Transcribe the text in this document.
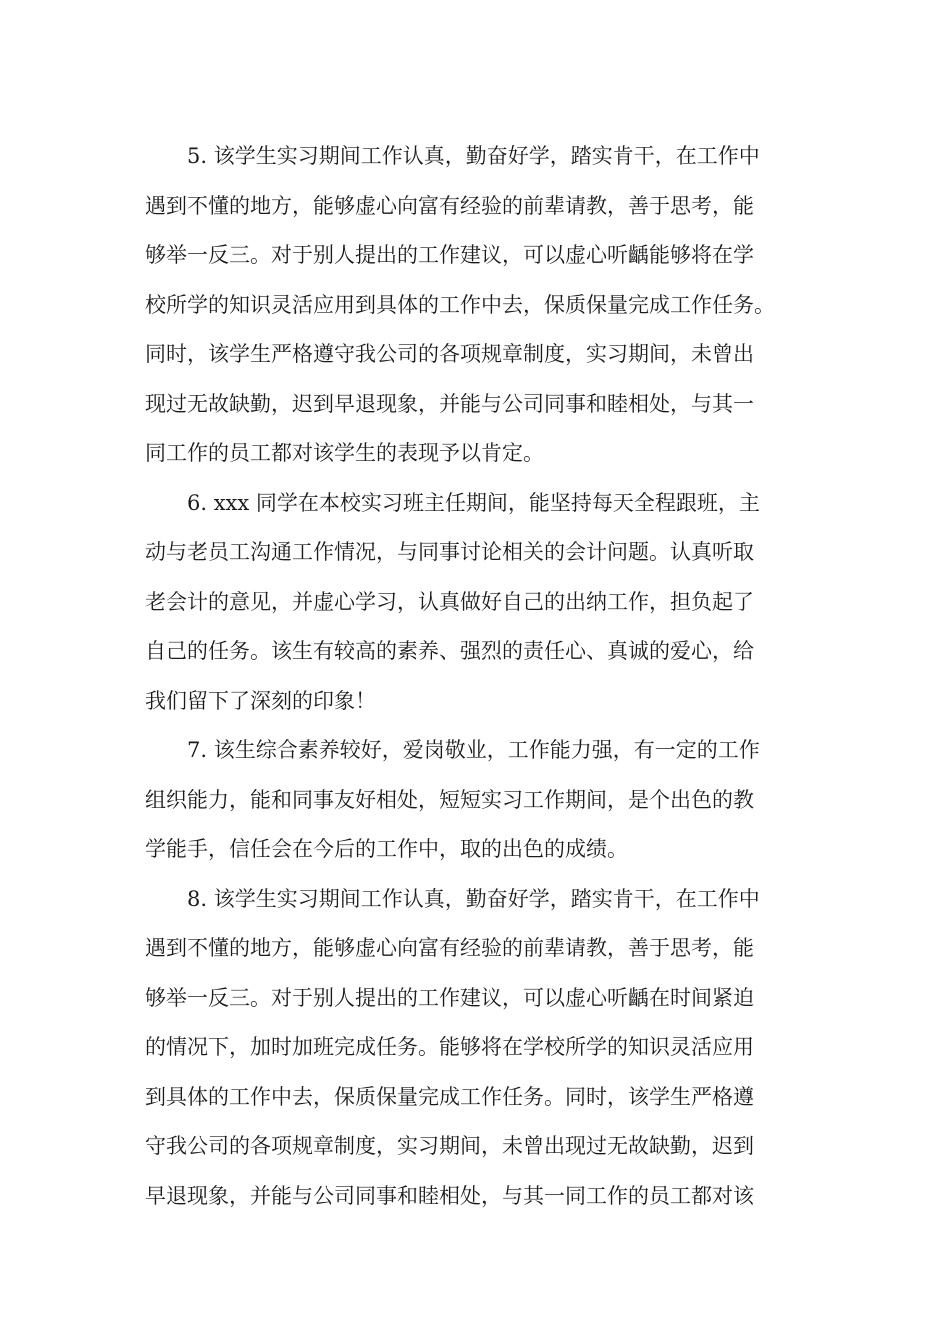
5. 该学生实习期间工作认真，勤奋好学，踏实肯干，在工作中
遇到不懂的地方，能够虚心向富有经验的前辈请教，善于思考，能
够举一反三。对于别人提出的工作建议，可以虚心听齲能够将在学
校所学的知识灵活应用到具体的工作中去，保质保量完成工作任务。
同时，该学生严格遵守我公司的各项规章制度，实习期间，未曾出
现过无故缺勤，迟到早退现象，并能与公司同事和睦相处，与其一
同工作的员工都对该学生的表现予以肯定。
6. xxx 同学在本校实习班主任期间，能坚持每天全程跟班，主
动与老员工沟通工作情况，与同事讨论相关的会计问题。认真听取
老会计的意见，并虚心学习，认真做好自己的出纳工作，担负起了
自己的任务。该生有较高的素养、强烈的责任心、真诚的爱心，给
我们留下了深刻的印象！
7. 该生综合素养较好，爱岗敬业，工作能力强，有一定的工作
组织能力，能和同事友好相处，短短实习工作期间，是个出色的教
学能手，信任会在今后的工作中，取的出色的成绩。
8. 该学生实习期间工作认真，勤奋好学，踏实肯干，在工作中
遇到不懂的地方，能够虚心向富有经验的前辈请教，善于思考，能
够举一反三。对于别人提出的工作建议，可以虚心听齲在时间紧迫
的情况下，加时加班完成任务。能够将在学校所学的知识灵活应用
到具体的工作中去，保质保量完成工作任务。同时，该学生严格遵
守我公司的各项规章制度，实习期间，未曾出现过无故缺勤，迟到
早退现象，并能与公司同事和睦相处，与其一同工作的员工都对该
